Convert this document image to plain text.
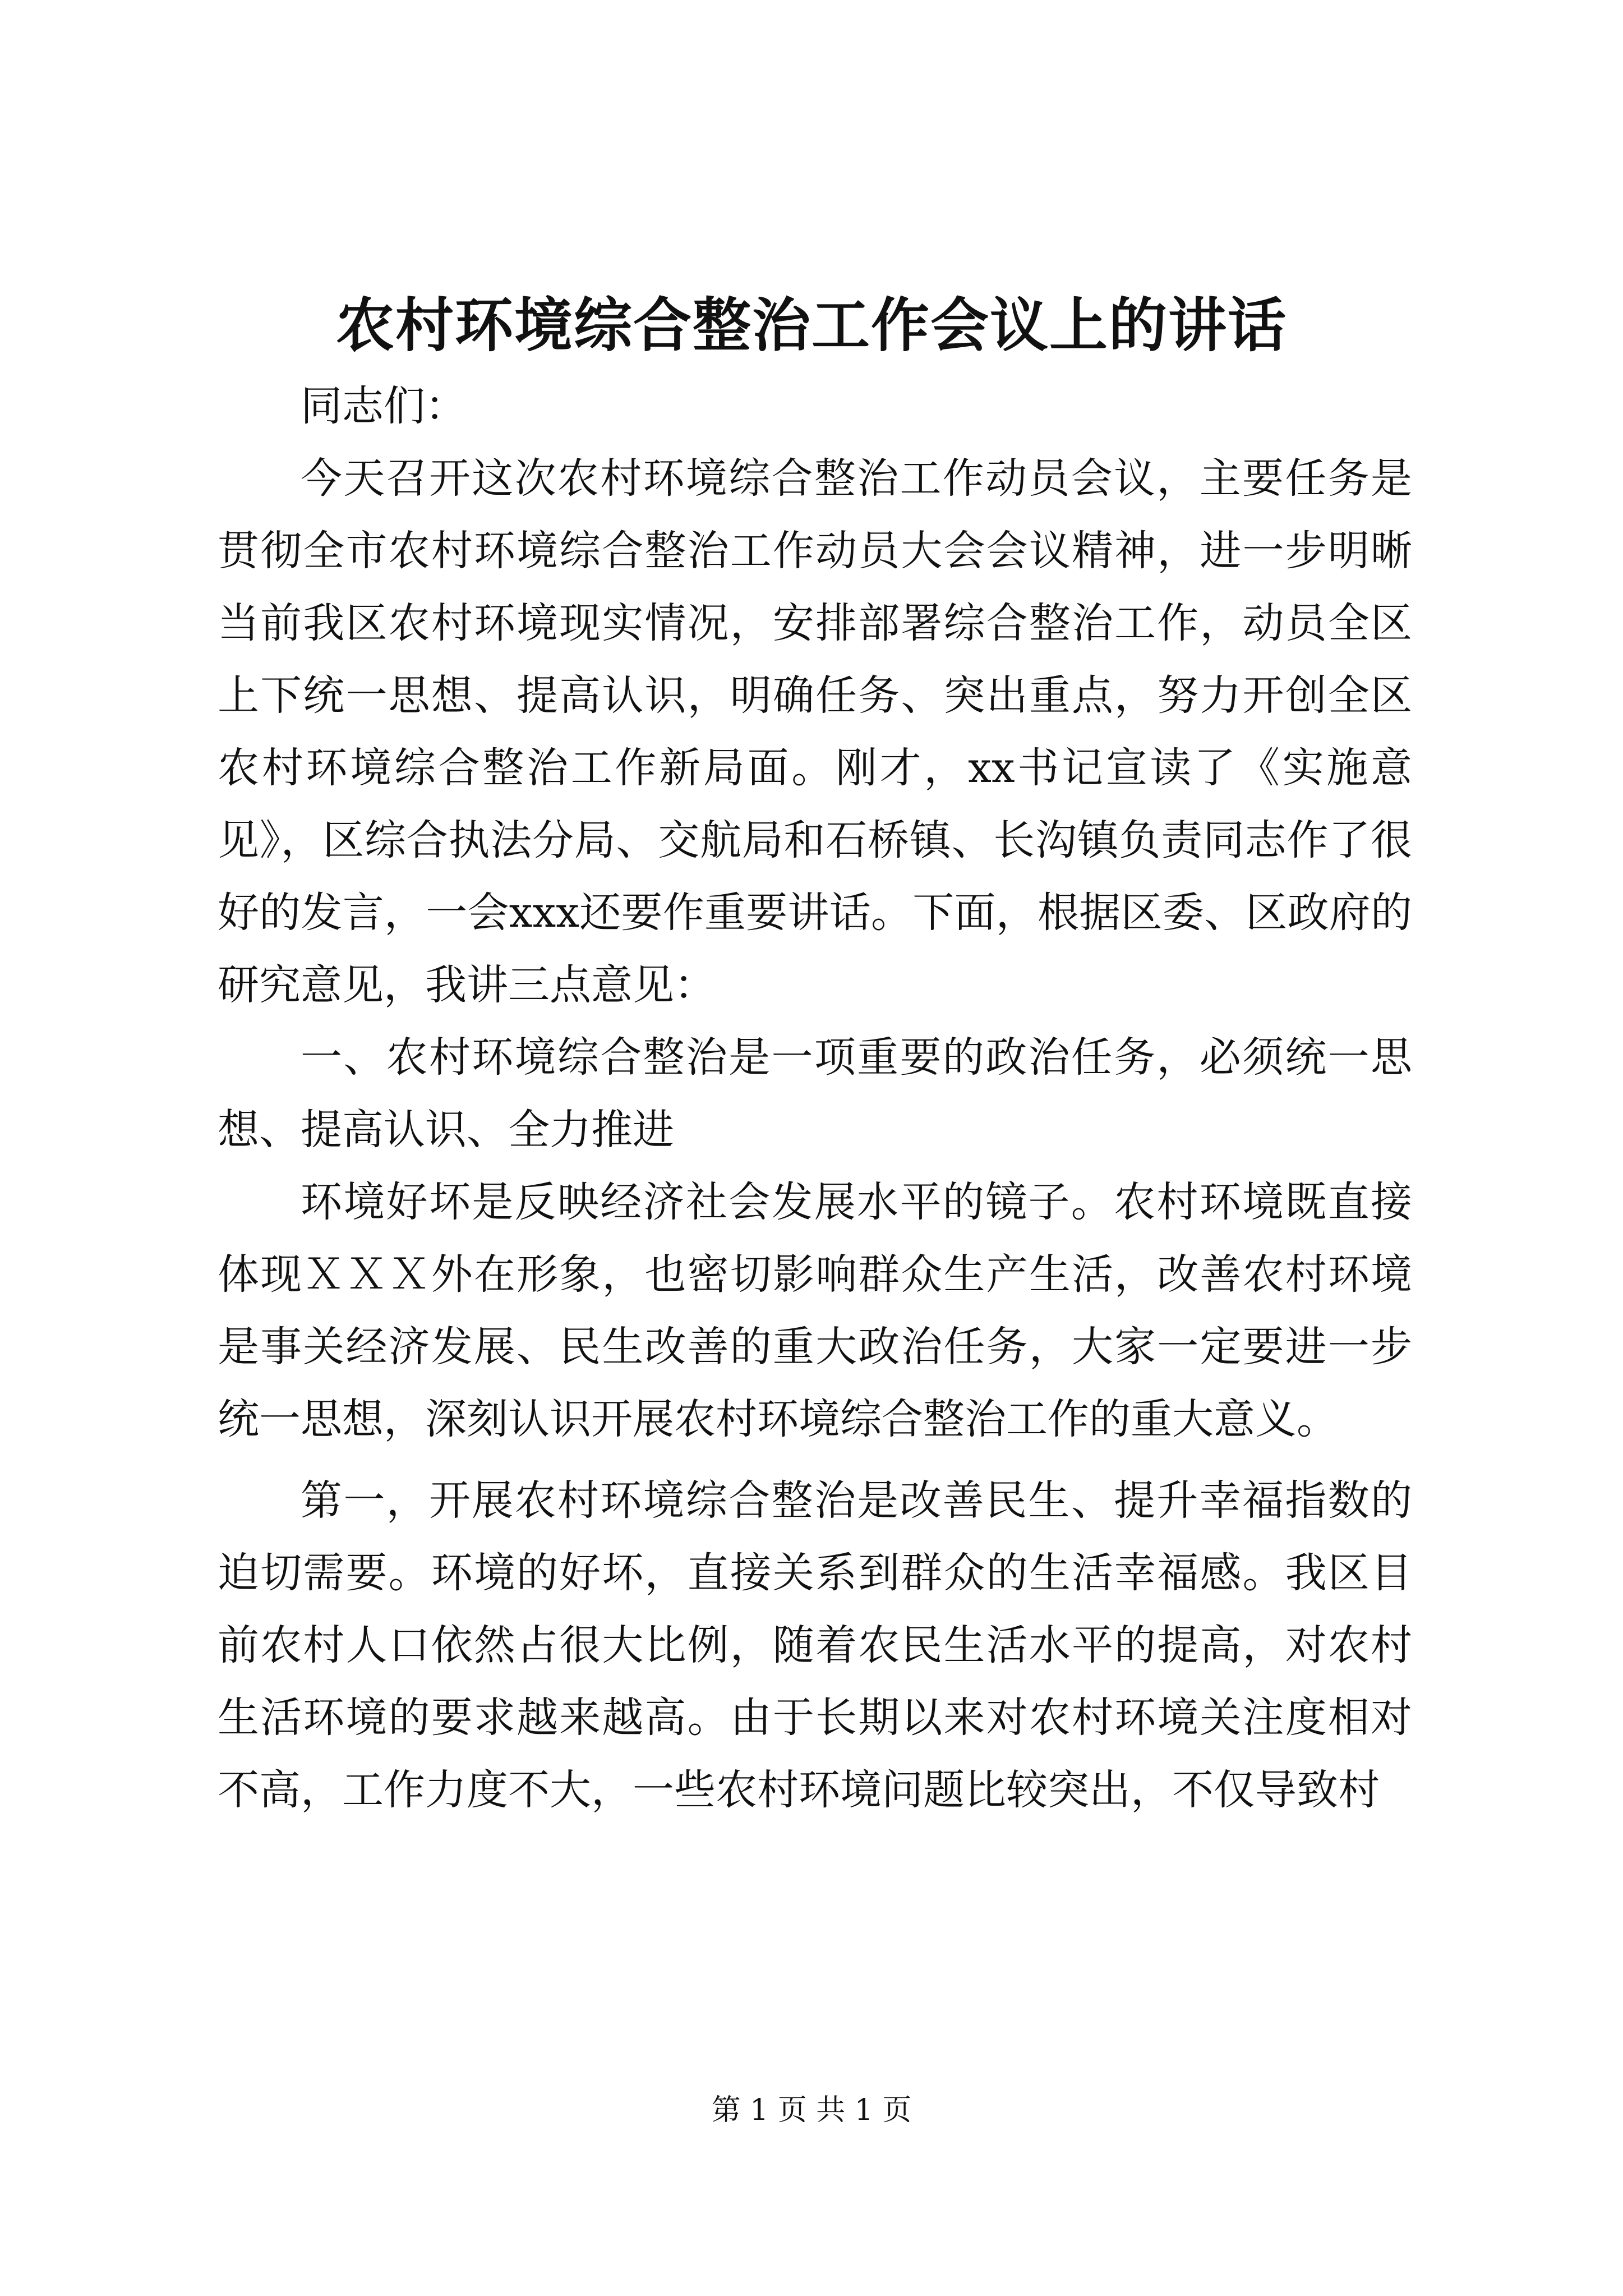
农村环境综合整治工作会议上的讲话

同志们：

今天召开这次农村环境综合整治工作动员会议，主要任务是贯彻全市农村环境综合整治工作动员大会会议精神，进一步明晰当前我区农村环境现实情况，安排部署综合整治工作，动员全区上下统一思想、提高认识，明确任务、突出重点，努力开创全区农村环境综合整治工作新局面。刚才，xx书记宣读了《实施意见》，区综合执法分局、交航局和石桥镇、长沟镇负责同志作了很好的发言，一会xxx还要作重要讲话。下面，根据区委、区政府的研究意见，我讲三点意见：

一、农村环境综合整治是一项重要的政治任务，必须统一思想、提高认识、全力推进

环境好坏是反映经济社会发展水平的镜子。农村环境既直接体现ＸＸＸ外在形象，也密切影响群众生产生活，改善农村环境是事关经济发展、民生改善的重大政治任务，大家一定要进一步统一思想，深刻认识开展农村环境综合整治工作的重大意义。

第一，开展农村环境综合整治是改善民生、提升幸福指数的迫切需要。环境的好坏，直接关系到群众的生活幸福感。我区目前农村人口依然占很大比例，随着农民生活水平的提高，对农村生活环境的要求越来越高。由于长期以来对农村环境关注度相对不高，工作力度不大，一些农村环境问题比较突出，不仅导致村

第 1 页 共 1 页
